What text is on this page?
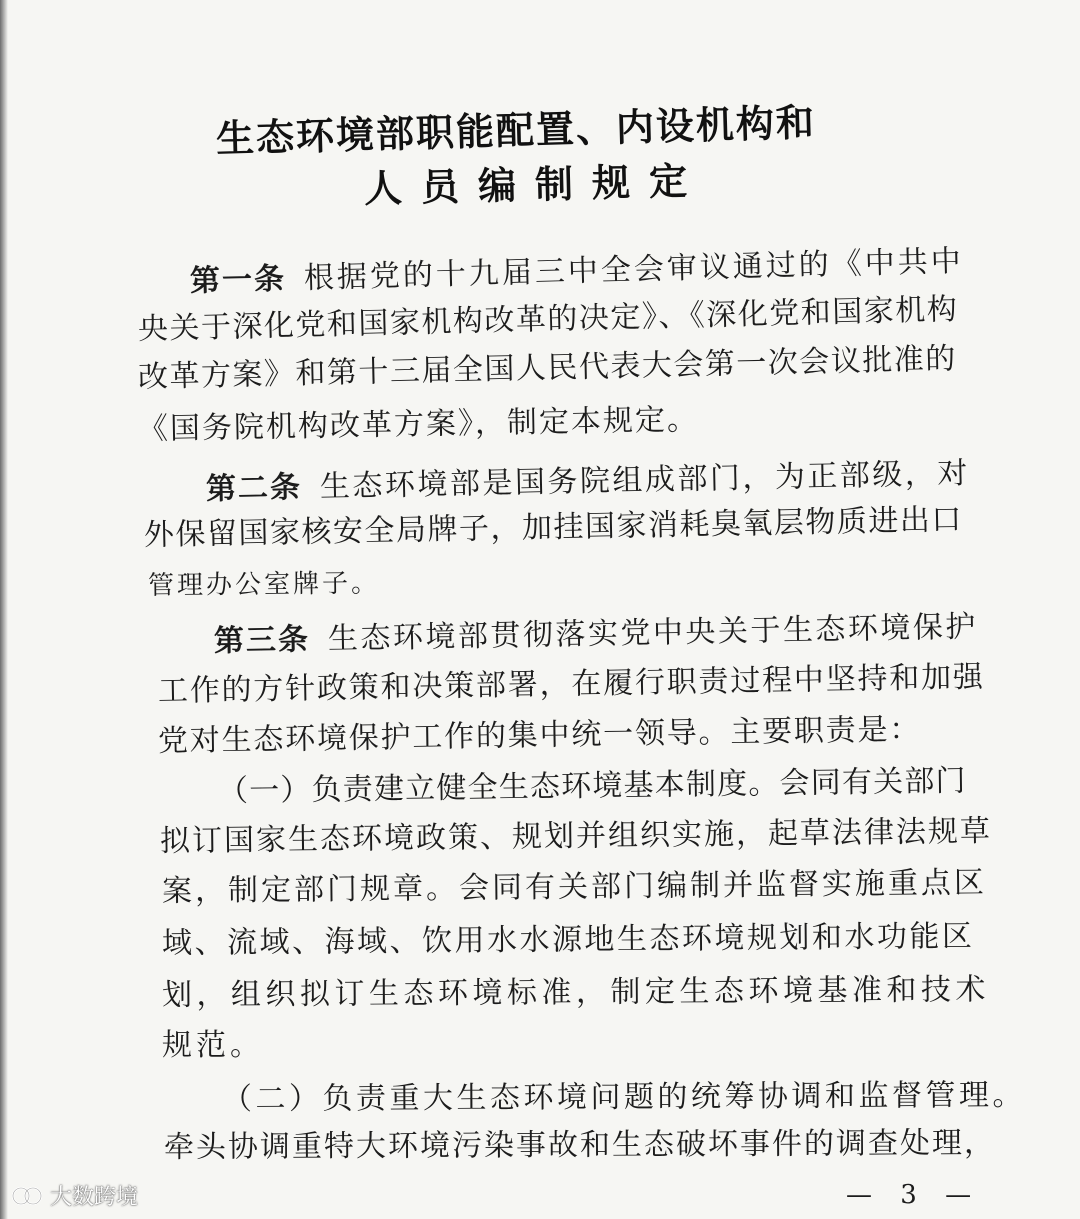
生态环境部职能配置、内设机构和
人员编制规定
第一条 根据党的十九届三中全会审议通过的《中共中
央关于深化党和国家机构改革的决定》、《深化党和国家机构
改革方案》和第十三届全国人民代表大会第一次会议批准的
《国务院机构改革方案》，制定本规定。
第二条 生态环境部是国务院组成部门，为正部级，对
外保留国家核安全局牌子，加挂国家消耗臭氧层物质进出口
管理办公室牌子。
第三条 生态环境部贯彻落实党中央关于生态环境保护
工作的方针政策和决策部署，在履行职责过程中坚持和加强
党对生态环境保护工作的集中统一领导。主要职责是：
（一）负责建立健全生态环境基本制度。会同有关部门
拟订国家生态环境政策、规划并组织实施，起草法律法规草
案，制定部门规章。会同有关部门编制并监督实施重点区
域、流域、海域、饮用水水源地生态环境规划和水功能区
划，组织拟订生态环境标准，制定生态环境基准和技术
规范。
（二）负责重大生态环境问题的统筹协调和监督管理。
牵头协调重特大环境污染事故和生态破坏事件的调查处理，
— 3 —
大数跨境
